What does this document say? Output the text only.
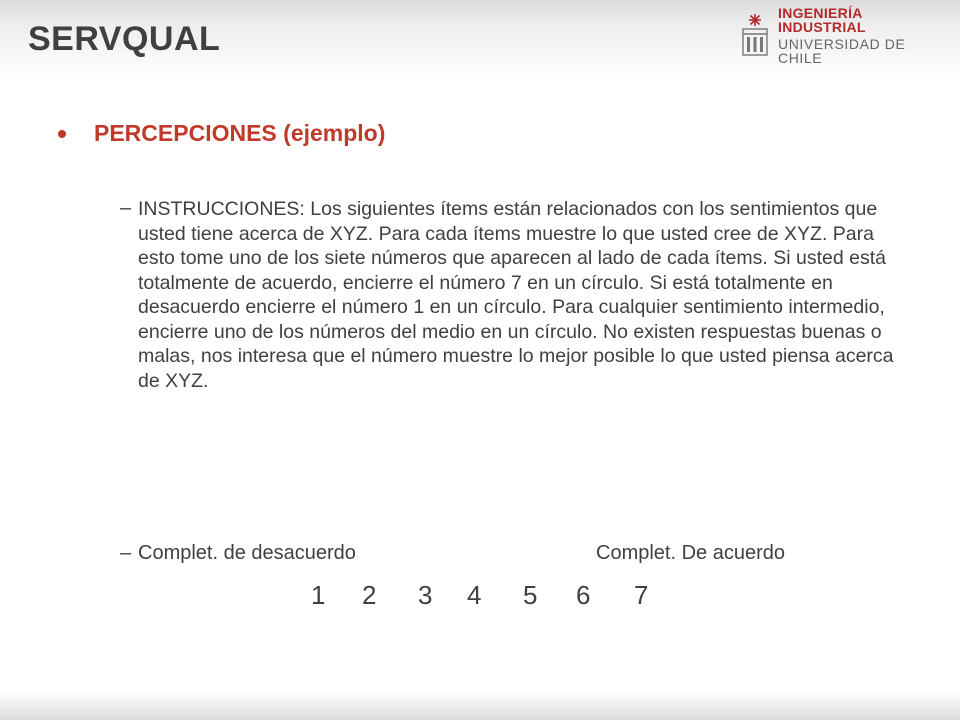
SERVQUAL
INGENIERÍA INDUSTRIAL
UNIVERSIDAD DE CHILE
PERCEPCIONES (ejemplo)
– INSTRUCCIONES: Los siguientes ítems están relacionados con los sentimientos que usted tiene acerca de XYZ. Para cada ítems muestre lo que usted cree de XYZ. Para esto tome uno de los siete números que aparecen al lado de cada ítems. Si usted está totalmente de acuerdo, encierre el número 7 en un círculo. Si está totalmente en desacuerdo encierre el número 1 en un círculo. Para cualquier sentimiento intermedio, encierre uno de los números del medio en un círculo. No existen respuestas buenas o malas, nos interesa que el número muestre lo mejor posible lo que usted piensa acerca de XYZ.
– Complet. de desacuerdo	Complet. De acuerdo
1 2 3 4 5 6 7
